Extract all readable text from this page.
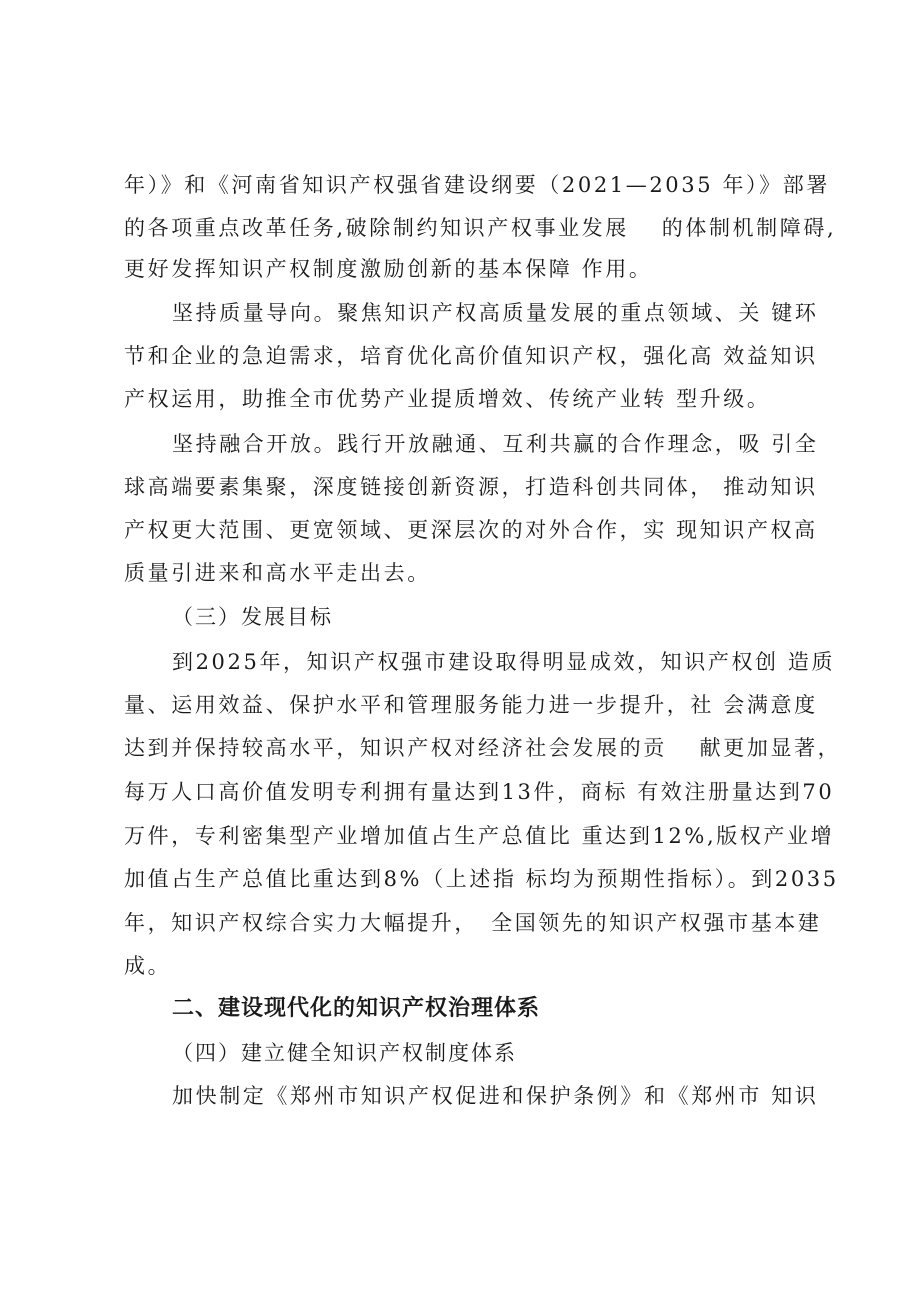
年）》和《河南省知识产权强省建设纲要（2021—2035 年）》部署
的各项重点改革任务,破除制约知识产权事业发展　 的体制机制障碍,
更好发挥知识产权制度激励创新的基本保障 作用。
坚持质量导向。聚焦知识产权高质量发展的重点领域、关 键环
节和企业的急迫需求，培育优化高价值知识产权，强化高 效益知识
产权运用，助推全市优势产业提质增效、传统产业转 型升级。
坚持融合开放。践行开放融通、互利共赢的合作理念，吸 引全
球高端要素集聚，深度链接创新资源，打造科创共同体， 推动知识
产权更大范围、更宽领域、更深层次的对外合作，实 现知识产权高
质量引进来和高水平走出去。
（三）发展目标
到2025年，知识产权强市建设取得明显成效，知识产权创 造质
量、运用效益、保护水平和管理服务能力进一步提升，社 会满意度
达到并保持较高水平，知识产权对经济社会发展的贡　 献更加显著，
每万人口高价值发明专利拥有量达到13件，商标 有效注册量达到70
万件，专利密集型产业增加值占生产总值比 重达到12%,版权产业增
加值占生产总值比重达到8%（上述指 标均为预期性指标）。到2035
年，知识产权综合实力大幅提升，　全国领先的知识产权强市基本建
成。
二、建设现代化的知识产权治理体系
（四）建立健全知识产权制度体系
加快制定《郑州市知识产权促进和保护条例》和《郑州市 知识
